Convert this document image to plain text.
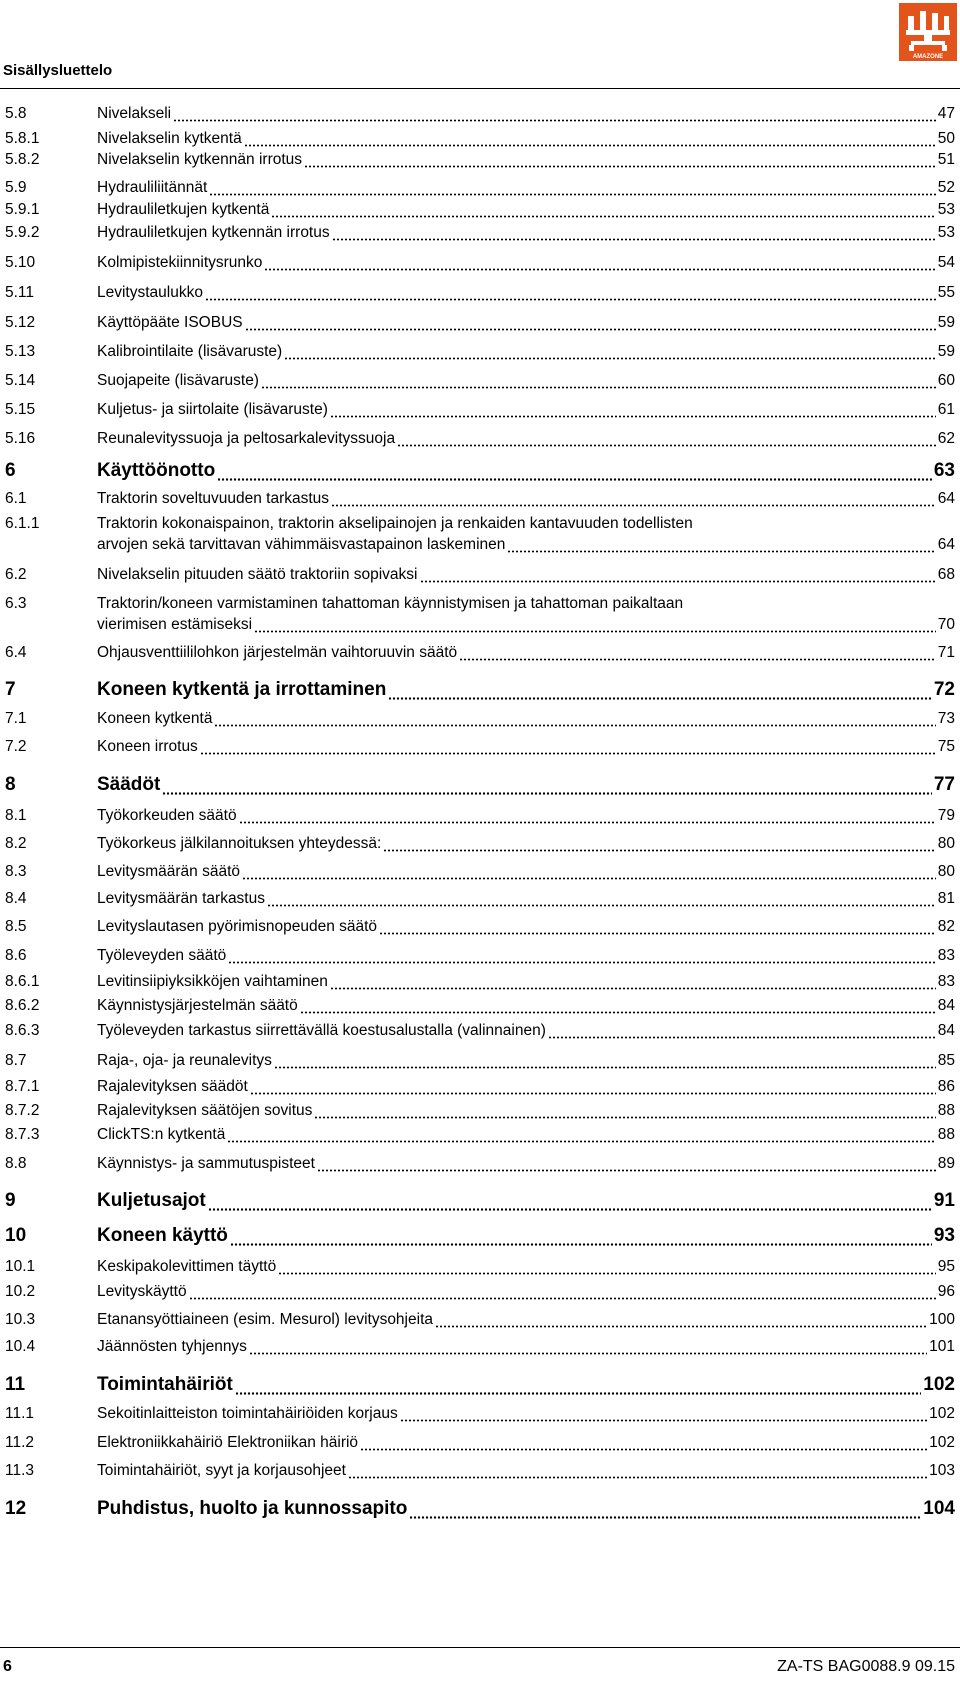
Sisällysluettelo
AMAZONE
5.8	Nivelakseli	47
5.8.1	Nivelakselin kytkentä	50
5.8.2	Nivelakselin kytkennän irrotus	51
5.9	Hydrauliliitännät	52
5.9.1	Hydrauliletkujen kytkentä	53
5.9.2	Hydrauliletkujen kytkennän irrotus	53
5.10	Kolmipistekiinnitysrunko	54
5.11	Levitystaulukko	55
5.12	Käyttöpääte ISOBUS	59
5.13	Kalibrointilaite (lisävaruste)	59
5.14	Suojapeite (lisävaruste)	60
5.15	Kuljetus- ja siirtolaite (lisävaruste)	61
5.16	Reunalevityssuoja ja peltosarkalevityssuoja	62
6	Käyttöönotto	63
6.1	Traktorin soveltuvuuden tarkastus	64
6.1.1	Traktorin kokonaispainon, traktorin akselipainojen ja renkaiden kantavuuden todellisten
arvojen sekä tarvittavan vähimmäisvastapainon laskeminen	64
6.2	Nivelakselin pituuden säätö traktoriin sopivaksi	68
6.3	Traktorin/koneen varmistaminen tahattoman käynnistymisen ja tahattoman paikaltaan
vierimisen estämiseksi	70
6.4	Ohjausventtiililohkon järjestelmän vaihtoruuvin säätö	71
7	Koneen kytkentä ja irrottaminen	72
7.1	Koneen kytkentä	73
7.2	Koneen irrotus	75
8	Säädöt	77
8.1	Työkorkeuden säätö	79
8.2	Työkorkeus jälkilannoituksen yhteydessä:	80
8.3	Levitysmäärän säätö	80
8.4	Levitysmäärän tarkastus	81
8.5	Levityslautasen pyörimisnopeuden säätö	82
8.6	Työleveyden säätö	83
8.6.1	Levitinsiipiyksikköjen vaihtaminen	83
8.6.2	Käynnistysjärjestelmän säätö	84
8.6.3	Työleveyden tarkastus siirrettävällä koestusalustalla (valinnainen)	84
8.7	Raja-, oja- ja reunalevitys	85
8.7.1	Rajalevityksen säädöt	86
8.7.2	Rajalevityksen säätöjen sovitus	88
8.7.3	ClickTS:n kytkentä	88
8.8	Käynnistys- ja sammutuspisteet	89
9	Kuljetusajot	91
10	Koneen käyttö	93
10.1	Keskipakolevittimen täyttö	95
10.2	Levityskäyttö	96
10.3	Etanansyöttiaineen (esim. Mesurol) levitysohjeita	100
10.4	Jäännösten tyhjennys	101
11	Toimintahäiriöt	102
11.1	Sekoitinlaitteiston toimintahäiriöiden korjaus	102
11.2	Elektroniikkahäiriö Elektroniikan häiriö	102
11.3	Toimintahäiriöt, syyt ja korjausohjeet	103
12	Puhdistus, huolto ja kunnossapito	104
6	ZA-TS BAG0088.9 09.15
